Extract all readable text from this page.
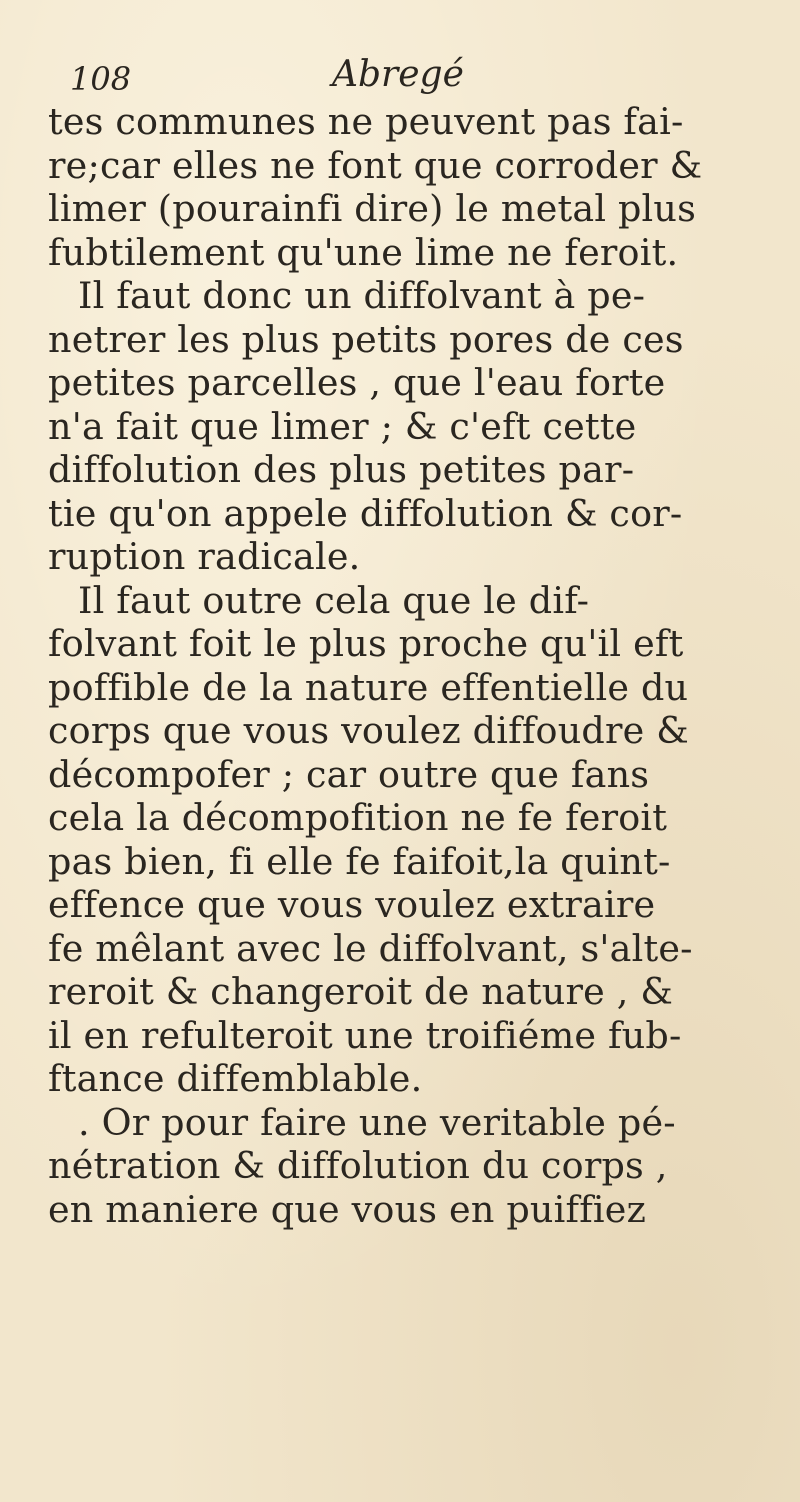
108	Abregé
tes communes ne peuvent pas fai-
re;car elles ne font que corroder &
limer (pourainfi dire) le metal plus
fubtilement qu'une lime ne feroit.
Il faut donc un diffolvant à pe-
netrer les plus petits pores de ces
petites parcelles , que l'eau forte
n'a fait que limer ; & c'eft cette
diffolution des plus petites par-
tie qu'on appele diffolution & cor-
ruption radicale.
Il faut outre cela que le dif-
folvant foit le plus proche qu'il eft
poffible de la nature effentielle du
corps que vous voulez diffoudre &
décompofer ; car outre que fans
cela la décompofition ne fe feroit
pas bien, fi elle fe faifoit,la quint-
effence que vous voulez extraire
fe mêlant avec le diffolvant, s'alte-
reroit & changeroit de nature , &
il en refulteroit une troifiéme fub-
ftance diffemblable.
. Or pour faire une veritable pé-
nétration & diffolution du corps ,
en maniere que vous en puiffiez
